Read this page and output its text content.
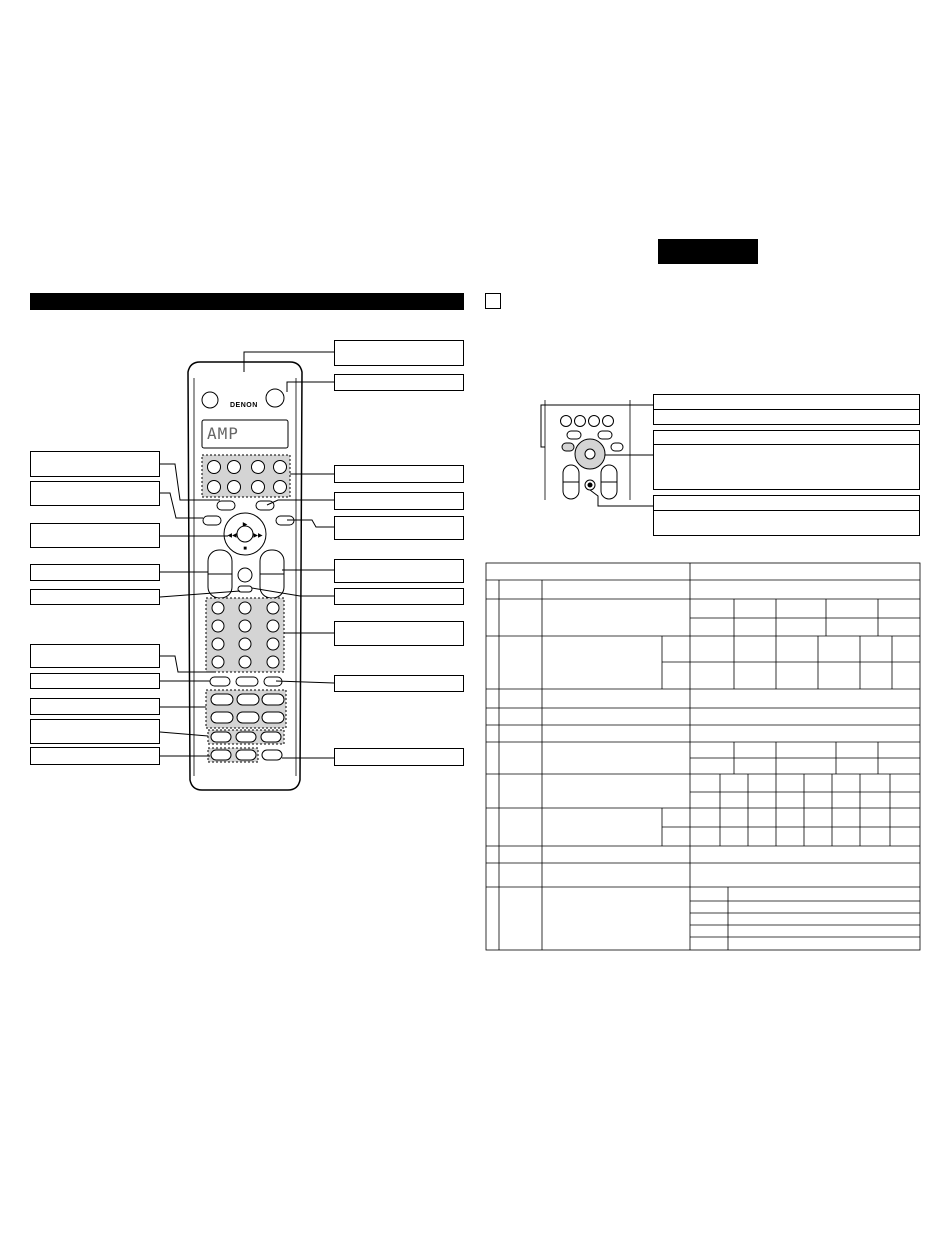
▶
◀◀	▶▶
■
DENON
AMP
